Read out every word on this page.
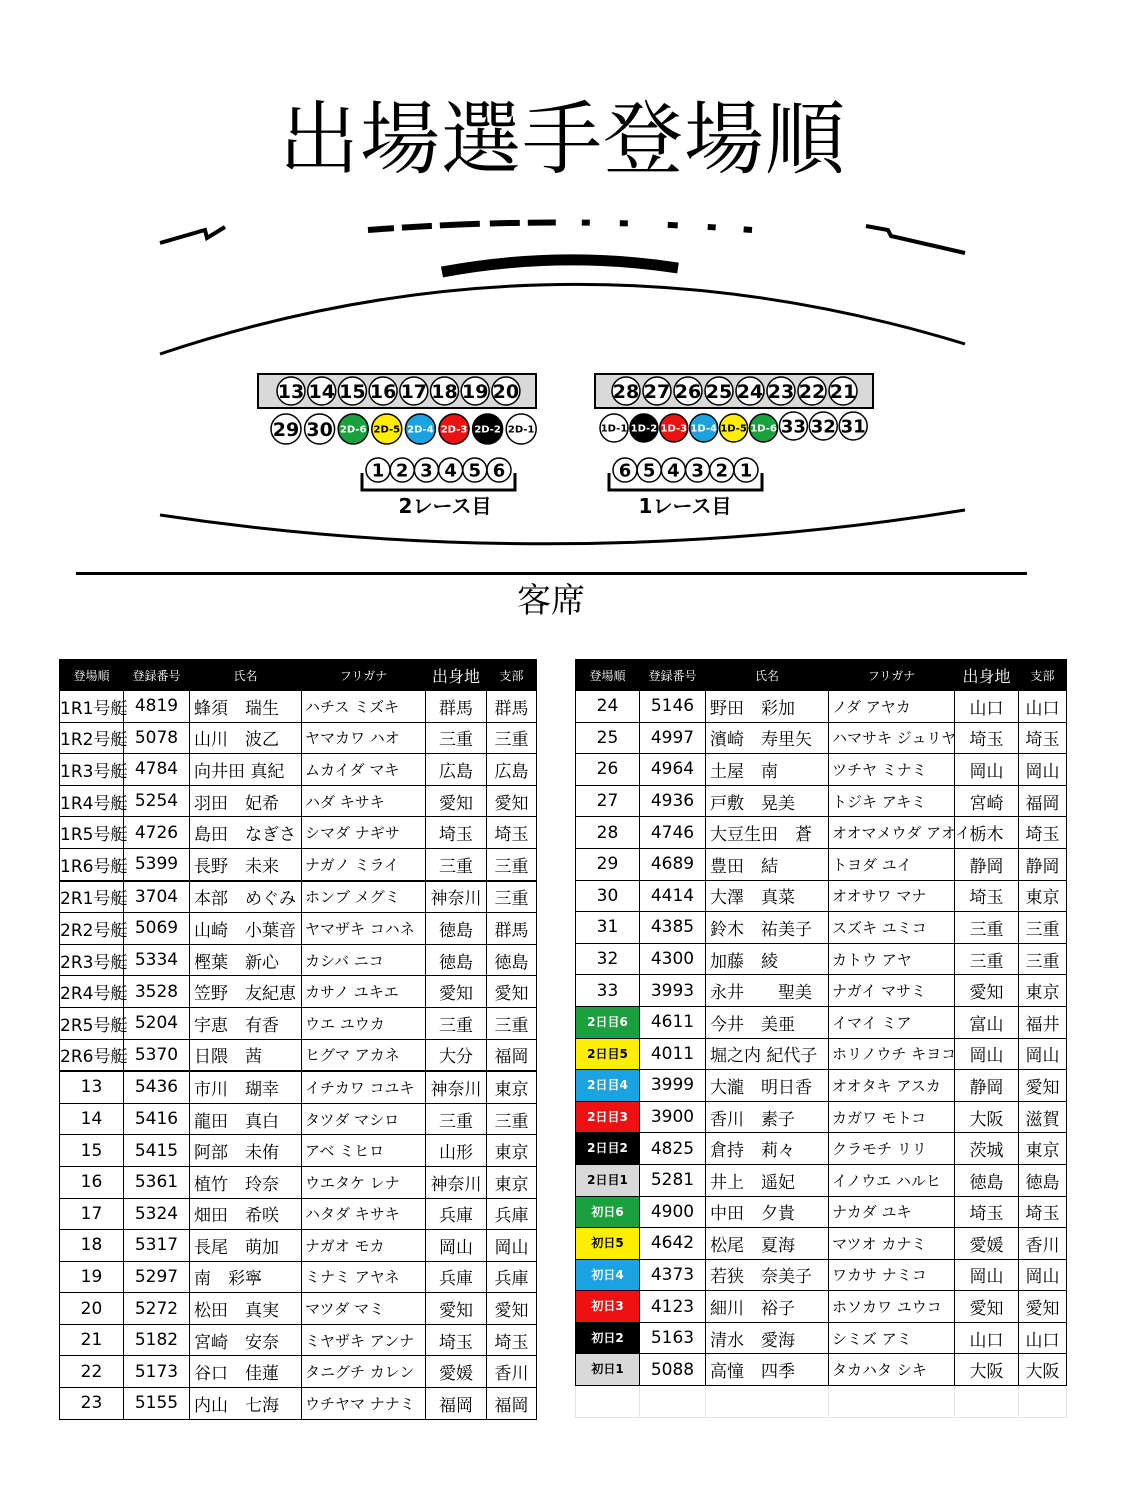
出場選手登場順
13 14 15 16 17 18 19 20	28 27 26 25 24 23 22 21
29 30 2D-6 2D-5 2D-4 2D-3 2D-2 2D-1	1D-1 1D-2 1D-3 1D-4 1D-5 1D-6 33 32 31
1 2 3 4 5 6	6 5 4 3 2 1
2レース目	1レース目
客席
登場順	登録番号	氏名	フリガナ	出身地	支部
1R1号艇	4819	蜂須　瑞生	ハチス ミズキ	群馬	群馬
1R2号艇	5078	山川　波乙	ヤマカワ ハオ	三重	三重
1R3号艇	4784	向井田 真紀	ムカイダ マキ	広島	広島
1R4号艇	5254	羽田　妃希	ハダ キサキ	愛知	愛知
1R5号艇	4726	島田　なぎさ	シマダ ナギサ	埼玉	埼玉
1R6号艇	5399	長野　未来	ナガノ ミライ	三重	三重
2R1号艇	3704	本部　めぐみ	ホンブ メグミ	神奈川	三重
2R2号艇	5069	山崎　小葉音	ヤマザキ コハネ	徳島	群馬
2R3号艇	5334	樫葉　新心	カシバ ニコ	徳島	徳島
2R4号艇	3528	笠野　友紀恵	カサノ ユキエ	愛知	愛知
2R5号艇	5204	宇恵　有香	ウエ ユウカ	三重	三重
2R6号艇	5370	日隈　茜	ヒグマ アカネ	大分	福岡
13	5436	市川　瑚幸	イチカワ コユキ	神奈川	東京
14	5416	龍田　真白	タツダ マシロ	三重	三重
15	5415	阿部　未侑	アベ ミヒロ	山形	東京
16	5361	植竹　玲奈	ウエタケ レナ	神奈川	東京
17	5324	畑田　希咲	ハタダ キサキ	兵庫	兵庫
18	5317	長尾　萌加	ナガオ モカ	岡山	岡山
19	5297	南　彩寧	ミナミ アヤネ	兵庫	兵庫
20	5272	松田　真実	マツダ マミ	愛知	愛知
21	5182	宮崎　安奈	ミヤザキ アンナ	埼玉	埼玉
22	5173	谷口　佳蓮	タニグチ カレン	愛媛	香川
23	5155	内山　七海	ウチヤマ ナナミ	福岡	福岡
登場順	登録番号	氏名	フリガナ	出身地	支部
24	5146	野田　彩加	ノダ アヤカ	山口	山口
25	4997	濱崎　寿里矢	ハマサキ ジュリヤ	埼玉	埼玉
26	4964	土屋　南	ツチヤ ミナミ	岡山	岡山
27	4936	戸敷　晃美	トジキ アキミ	宮崎	福岡
28	4746	大豆生田　蒼	オオマメウダ アオイ	栃木	埼玉
29	4689	豊田　結	トヨダ ユイ	静岡	静岡
30	4414	大澤　真菜	オオサワ マナ	埼玉	東京
31	4385	鈴木　祐美子	スズキ ユミコ	三重	三重
32	4300	加藤　綾	カトウ アヤ	三重	三重
33	3993	永井　　聖美	ナガイ マサミ	愛知	東京
2日目6	4611	今井　美亜	イマイ ミア	富山	福井
2日目5	4011	堀之内 紀代子	ホリノウチ キヨコ	岡山	岡山
2日目4	3999	大瀧　明日香	オオタキ アスカ	静岡	愛知
2日目3	3900	香川　素子	カガワ モトコ	大阪	滋賀
2日目2	4825	倉持　莉々	クラモチ リリ	茨城	東京
2日目1	5281	井上　遥妃	イノウエ ハルヒ	徳島	徳島
初日6	4900	中田　夕貴	ナカダ ユキ	埼玉	埼玉
初日5	4642	松尾　夏海	マツオ カナミ	愛媛	香川
初日4	4373	若狭　奈美子	ワカサ ナミコ	岡山	岡山
初日3	4123	細川　裕子	ホソカワ ユウコ	愛知	愛知
初日2	5163	清水　愛海	シミズ アミ	山口	山口
初日1	5088	高憧　四季	タカハタ シキ	大阪	大阪
